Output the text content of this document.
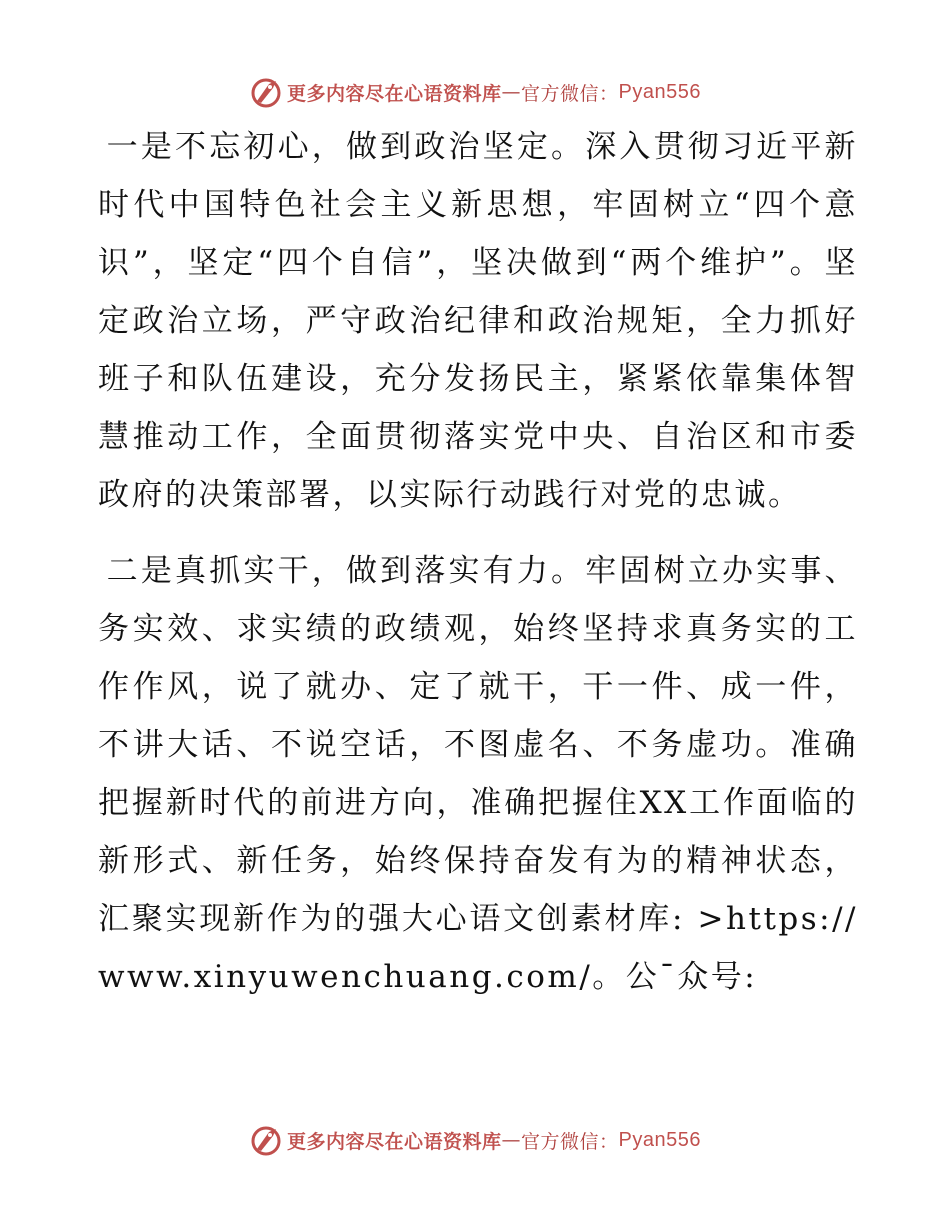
更多内容尽在心语资料库 — 官方微信： Pyan556

一是不忘初心，做到政治坚定。深入贯彻习近平新时代中国特色社会主义新思想，牢固树立“四个意识”，坚定“四个自信”，坚决做到“两个维护”。坚定政治立场，严守政治纪律和政治规矩，全力抓好班子和队伍建设，充分发扬民主，紧紧依靠集体智慧推动工作，全面贯彻落实党中央、自治区和市委政府的决策部署，以实际行动践行对党的忠诚。

二是真抓实干，做到落实有力。牢固树立办实事、务实效、求实绩的政绩观，始终坚持求真务实的工作作风，说了就办、定了就干，干一件、成一件，不讲大话、不说空话，不图虚名、不务虚功。准确把握新时代的前进方向，准确把握住XX工作面临的新形式、新任务，始终保持奋发有为的精神状态，汇聚实现新作为的强大心语文创素材库: >https://www.xinyuwenchuang.com/。公¯众号:

更多内容尽在心语资料库 — 官方微信： Pyan556
